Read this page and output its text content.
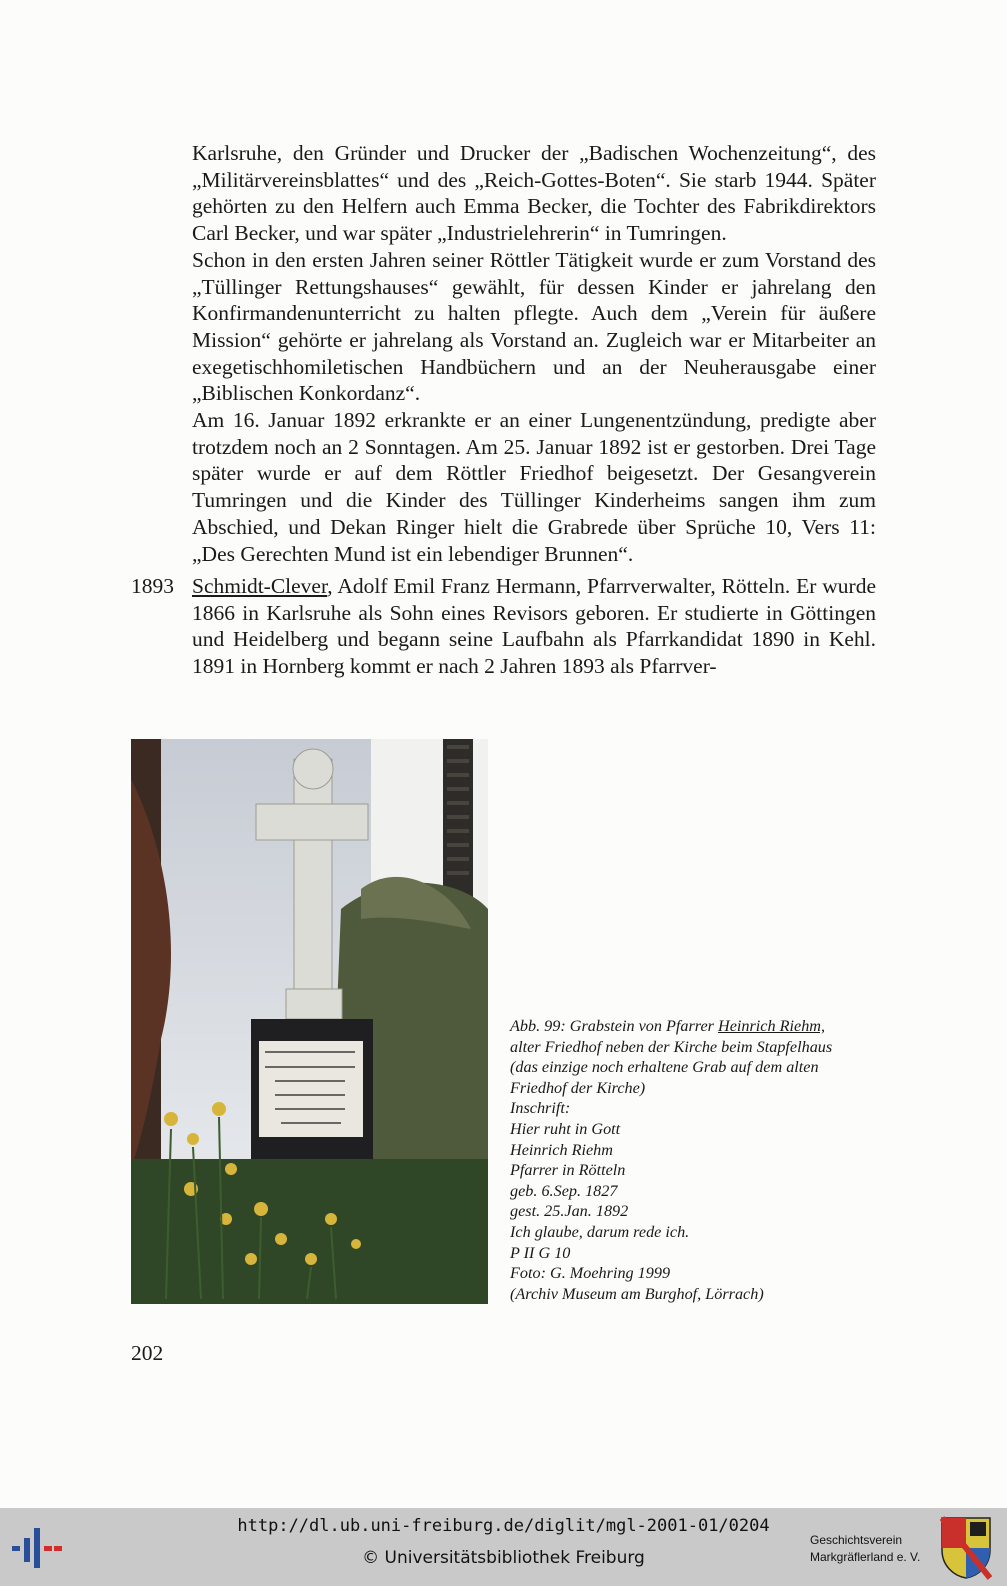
Karlsruhe, den Gründer und Drucker der „Badischen Wochenzeitung“, des „Militärvereinsblattes“ und des „Reich-Gottes-Boten“. Sie starb 1944. Später gehörten zu den Helfern auch Emma Becker, die Tochter des Fabrikdirektors Carl Becker, und war später „Industrielehrerin“ in Tumringen.

Schon in den ersten Jahren seiner Röttler Tätigkeit wurde er zum Vorstand des „Tüllinger Rettungshauses“ gewählt, für dessen Kinder er jahrelang den Konfirmandenunterricht zu halten pflegte. Auch dem „Verein für äußere Mission“ gehörte er jahrelang als Vorstand an. Zugleich war er Mitarbeiter an exegetischhomiletischen Handbüchern und an der Neuherausgabe einer „Biblischen Konkordanz“.

Am 16. Januar 1892 erkrankte er an einer Lungenentzündung, predigte aber trotzdem noch an 2 Sonntagen. Am 25. Januar 1892 ist er gestorben. Drei Tage später wurde er auf dem Röttler Friedhof beigesetzt. Der Gesangverein Tumringen und die Kinder des Tüllinger Kinderheims sangen ihm zum Abschied, und Dekan Ringer hielt die Grabrede über Sprüche 10, Vers 11: „Des Gerechten Mund ist ein lebendiger Brunnen“.

1893 Schmidt-Clever, Adolf Emil Franz Hermann, Pfarrverwalter, Rötteln. Er wurde 1866 in Karlsruhe als Sohn eines Revisors geboren. Er studierte in Göttingen und Heidelberg und begann seine Laufbahn als Pfarrkandidat 1890 in Kehl. 1891 in Hornberg kommt er nach 2 Jahren 1893 als Pfarrver-
Abb. 99: Grabstein von Pfarrer Heinrich Riehm,
alter Friedhof neben der Kirche beim Stapfelhaus
(das einzige noch erhaltene Grab auf dem alten
Friedhof der Kirche)
Inschrift:
Hier ruht in Gott
Heinrich Riehm
Pfarrer in Rötteln
geb. 6.Sep. 1827
gest. 25.Jan. 1892
Ich glaube, darum rede ich.
P II G 10
Foto: G. Moehring 1999
(Archiv Museum am Burghof, Lörrach)
202
http://dl.ub.uni-freiburg.de/diglit/mgl-2001-01/0204
© Universitätsbibliothek Freiburg
Geschichtsverein
Markgräflerland e. V.
